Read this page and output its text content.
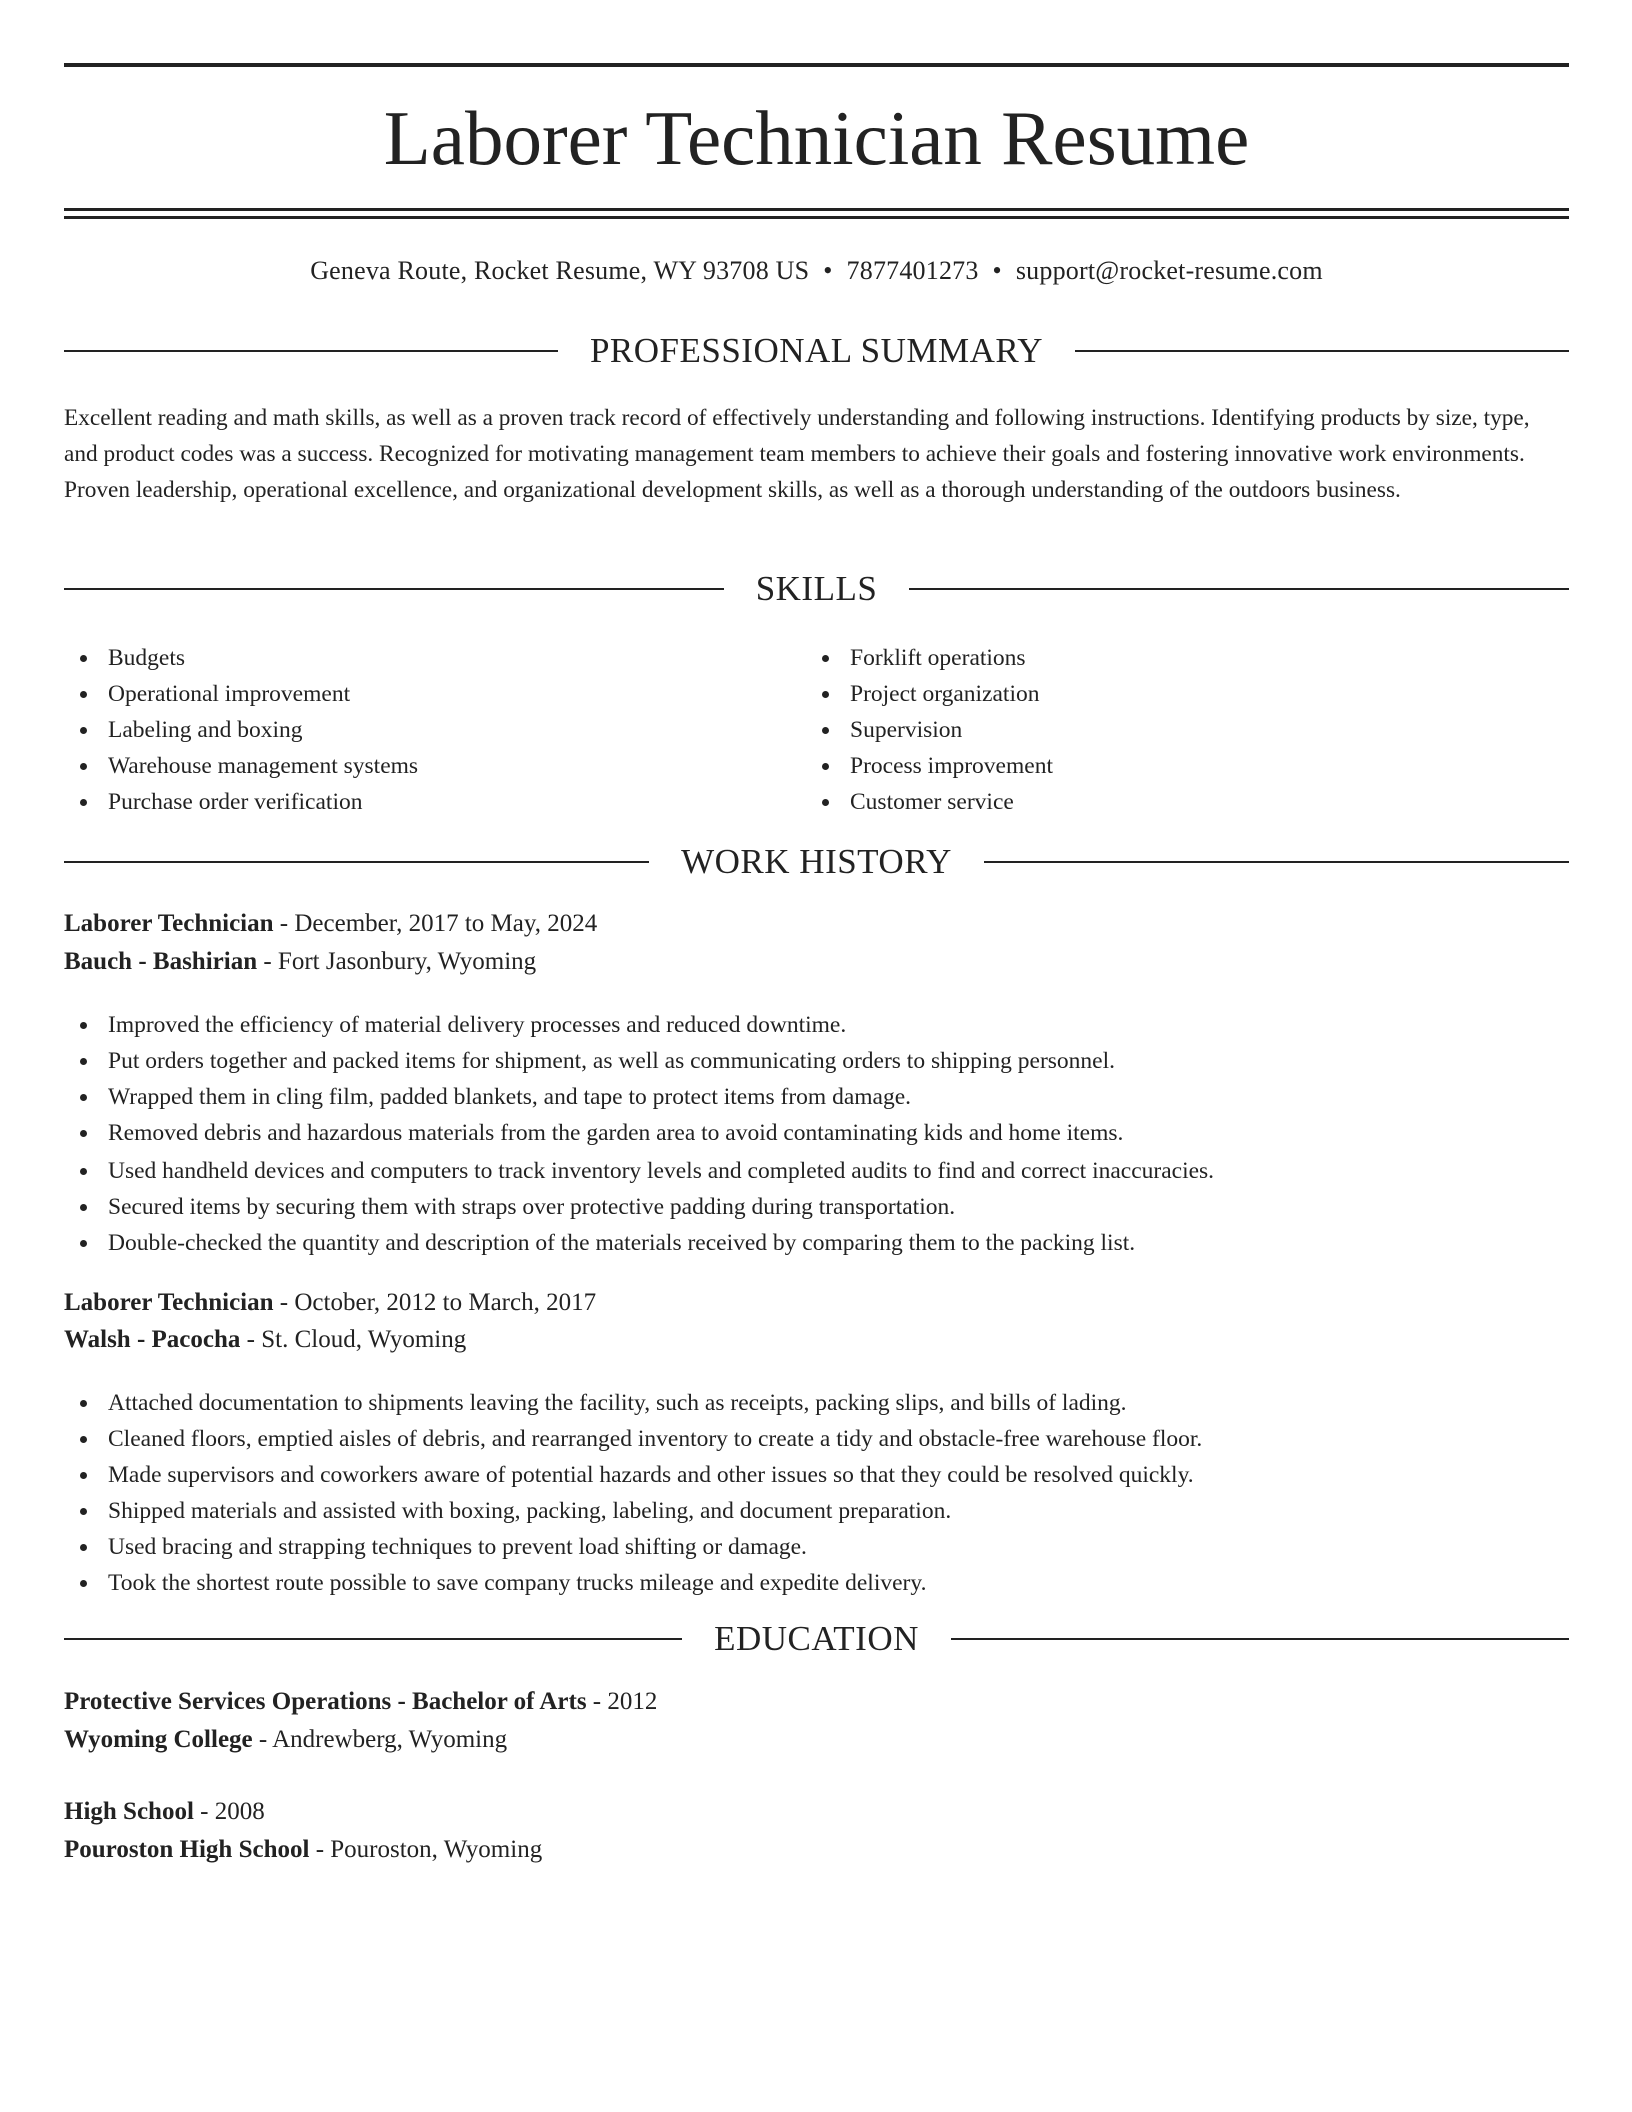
Laborer Technician Resume
Geneva Route, Rocket Resume, WY 93708 US • 7877401273 • support@rocket-resume.com
PROFESSIONAL SUMMARY

Excellent reading and math skills, as well as a proven track record of effectively understanding and following instructions. Identifying products by size, type, and product codes was a success. Recognized for motivating management team members to achieve their goals and fostering innovative work environments. Proven leadership, operational excellence, and organizational development skills, as well as a thorough understanding of the outdoors business.

SKILLS
Budgets
Operational improvement
Labeling and boxing
Warehouse management systems
Purchase order verification
Forklift operations
Project organization
Supervision
Process improvement
Customer service
WORK HISTORY
Laborer Technician - December, 2017 to May, 2024
Bauch - Bashirian - Fort Jasonbury, Wyoming
Improved the efficiency of material delivery processes and reduced downtime.
Put orders together and packed items for shipment, as well as communicating orders to shipping personnel.
Wrapped them in cling film, padded blankets, and tape to protect items from damage.
Removed debris and hazardous materials from the garden area to avoid contaminating kids and home items.
Used handheld devices and computers to track inventory levels and completed audits to find and correct inaccuracies.
Secured items by securing them with straps over protective padding during transportation.
Double-checked the quantity and description of the materials received by comparing them to the packing list.
Laborer Technician - October, 2012 to March, 2017
Walsh - Pacocha - St. Cloud, Wyoming
Attached documentation to shipments leaving the facility, such as receipts, packing slips, and bills of lading.
Cleaned floors, emptied aisles of debris, and rearranged inventory to create a tidy and obstacle-free warehouse floor.
Made supervisors and coworkers aware of potential hazards and other issues so that they could be resolved quickly.
Shipped materials and assisted with boxing, packing, labeling, and document preparation.
Used bracing and strapping techniques to prevent load shifting or damage.
Took the shortest route possible to save company trucks mileage and expedite delivery.
EDUCATION
Protective Services Operations - Bachelor of Arts - 2012
Wyoming College - Andrewberg, Wyoming
High School - 2008
Pouroston High School - Pouroston, Wyoming
